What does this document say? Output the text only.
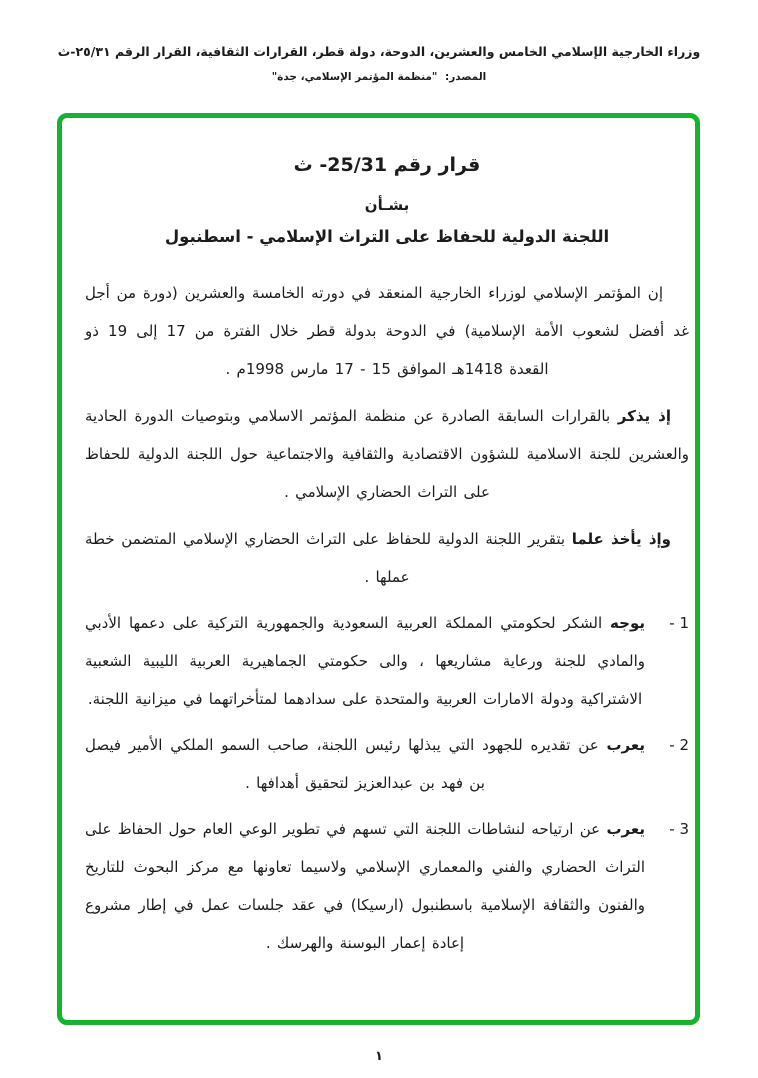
وزراء الخارجية الإسلامي الخامس والعشرين، الدوحة، دولة قطر، القرارات الثقافية، القرار الرقم ٢٥/٣١-ث
المصدر: "منظمة المؤتمر الإسلامي، جدة"
قرار رقم 25/31- ث
بشـأن
اللجنة الدولية للحفاظ على التراث الإسلامي - اسطنبول

إن المؤتمر الإسلامي لوزراء الخارجية المنعقد في دورته الخامسة والعشرين (دورة من أجل غد أفضل لشعوب الأمة الإسلامية) في الدوحة بدولة قطر خلال الفترة من 17 إلى 19 ذو القعدة 1418هـ الموافق 15 - 17 مارس 1998م .

إذ يذكر بالقرارات السابقة الصادرة عن منظمة المؤتمر الاسلامي وبتوصيات الدورة الحادية والعشرين للجنة الاسلامية للشؤون الاقتصادية والثقافية والاجتماعية حول اللجنة الدولية للحفاظ على التراث الحضاري الإسلامي .

وإذ يأخذ علما بتقرير اللجنة الدولية للحفاظ على التراث الحضاري الإسلامي المتضمن خطة عملها .

1 -

يوجه الشكر لحكومتي المملكة العربية السعودية والجمهورية التركية على دعمها الأدبي والمادي للجنة ورعاية مشاريعها ، والى حكومتي الجماهيرية العربية الليبية الشعبية الاشتراكية ودولة الامارات العربية والمتحدة على سدادهما لمتأخراتهما في ميزانية اللجنة.

2 -

يعرب عن تقديره للجهود التي يبذلها رئيس اللجنة، صاحب السمو الملكي الأمير فيصل بن فهد بن عبدالعزيز لتحقيق أهدافها .

3 -

يعرب عن ارتياحه لنشاطات اللجنة التي تسهم في تطوير الوعي العام حول الحفاظ على التراث الحضاري والفني والمعماري الإسلامي ولاسيما تعاونها مع مركز البحوث للتاريخ والفنون والثقافة الإسلامية باسطنبول (ارسيكا) في عقد جلسات عمل في إطار مشروع إعادة إعمار البوسنة والهرسك .

١
